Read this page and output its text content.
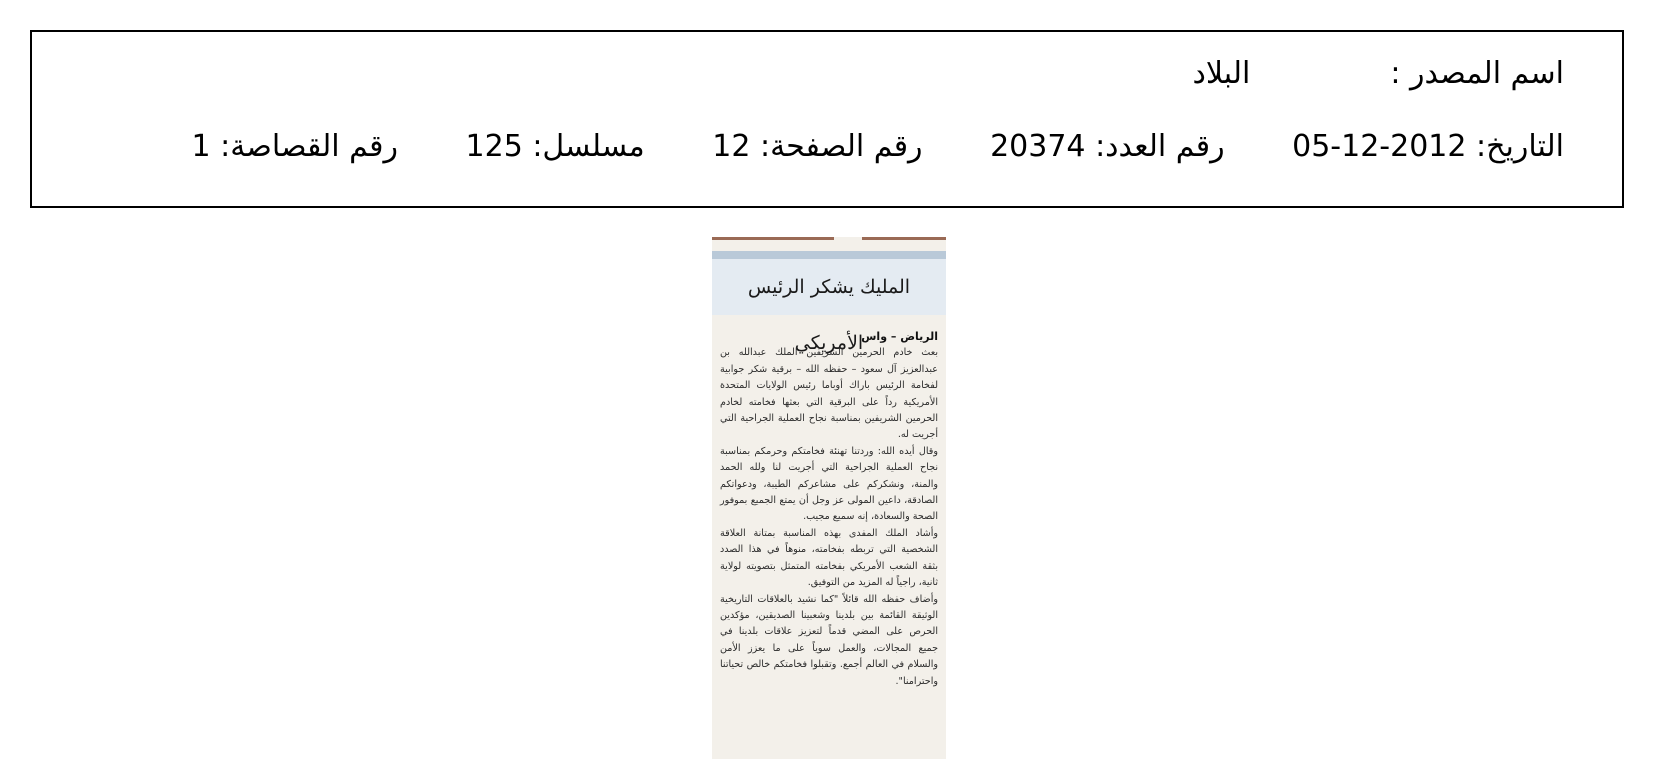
اسم المصدر :البلاد
التاريخ: 05-12-2012 رقم العدد: 20374 رقم الصفحة: 12 مسلسل: 125 رقم القصاصة: 1
المليك يشكر الرئيس الأمريكي
الرياض – واس

بعث خادم الحرمين الشريفين الملك عبدالله بن عبدالعزيز آل سعود – حفظه الله – برقية شكر جوابية لفخامة الرئيس باراك أوباما رئيس الولايات المتحدة الأمريكية رداً على البرقية التي بعثها فخامته لخادم الحرمين الشريفين بمناسبة نجاح العملية الجراحية التي أجريت له.

وقال أيده الله: وردتنا تهنئة فخامتكم وحرمكم بمناسبة نجاح العملية الجراحية التي أجريت لنا ولله الحمد والمنة، ونشكركم على مشاعركم الطيبة، ودعواتكم الصادقة، داعين المولى عز وجل أن يمتع الجميع بموفور الصحة والسعادة، إنه سميع مجيب.

وأشاد الملك المفدى بهذه المناسبة بمتانة العلاقة الشخصية التي تربطه بفخامته، منوهاً في هذا الصدد بثقة الشعب الأمريكي بفخامته المتمثل بتصويته لولاية ثانية، راجياً له المزيد من التوفيق.

وأضاف حفظه الله قائلاً "كما نشيد بالعلاقات التاريخية الوثيقة القائمة بين بلدينا وشعبينا الصديقين، مؤكدين الحرص على المضي قدماً لتعزيز علاقات بلدينا في جميع المجالات، والعمل سوياً على ما يعزز الأمن والسلام في العالم أجمع. وتقبلوا فخامتكم خالص تحياتنا واحترامنا".
